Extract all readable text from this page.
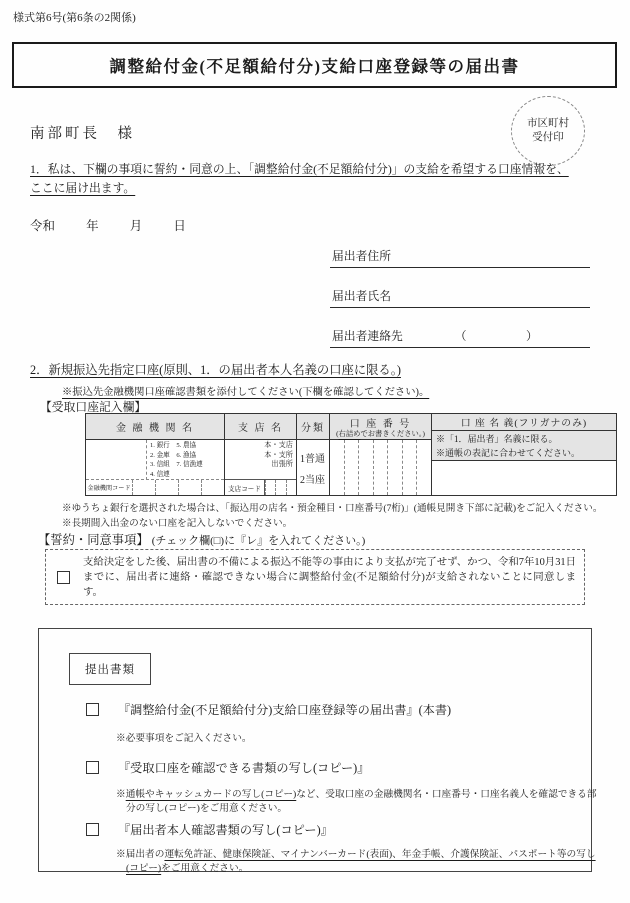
様式第6号(第6条の2関係)
調整給付金(不足額給付分)支給口座登録等の届出書
南部町長　様
市区町村
受付印
1．私は、下欄の事項に誓約・同意の上、「調整給付金(不足額給付分)」の支給を希望する口座情報を、
ここに届け出ます。
令和 年 月 日
届出者住所
届出者氏名
届出者連絡先	（　　　）
2．新規振込先指定口座(原則、1．の届出者本人名義の口座に限る。)
※振込先金融機関口座確認書類を添付してください(下欄を確認してください)。
【受取口座記入欄】
金 融 機 関 名
1. 銀行　5. 農協
2. 金庫　6. 漁協
3. 信組　7. 信漁連
4. 信連
金融機関コード
支 店 名
本・支店
本・支所
出張所
支店コード
分類
1普通
2当座
口 座 番 号
(右詰めでお書きください。)
口 座 名 義(フリガナのみ)
※「1．届出者」名義に限る。
※通帳の表記に合わせてください。
※ゆうちょ銀行を選択された場合は、「振込用の店名・預金種目・口座番号(7桁)」(通帳見開き下部に記載)をご記入ください。
※長期間入出金のない口座を記入しないでください。
【誓約・同意事項】 (チェック欄(□)に『レ』を入れてください。)
支給決定をした後、届出書の不備による振込不能等の事由により支払が完了せず、かつ、令和7年10月31日までに、届出者に連絡・確認できない場合に調整給付金(不足額給付分)が支給されないことに同意します。
提出書類
『調整給付金(不足額給付分)支給口座登録等の届出書』(本書)
※必要事項をご記入ください。
『受取口座を確認できる書類の写し(コピー)』
※通帳やキャッシュカードの写し(コピー)など、受取口座の金融機関名・口座番号・口座名義人を確認できる部分の写し(コピー)をご用意ください。
『届出者本人確認書類の写し(コピー)』
※届出者の運転免許証、健康保険証、マイナンバーカード(表面)、年金手帳、介護保険証、パスポート等の写し(コピー)をご用意ください。
